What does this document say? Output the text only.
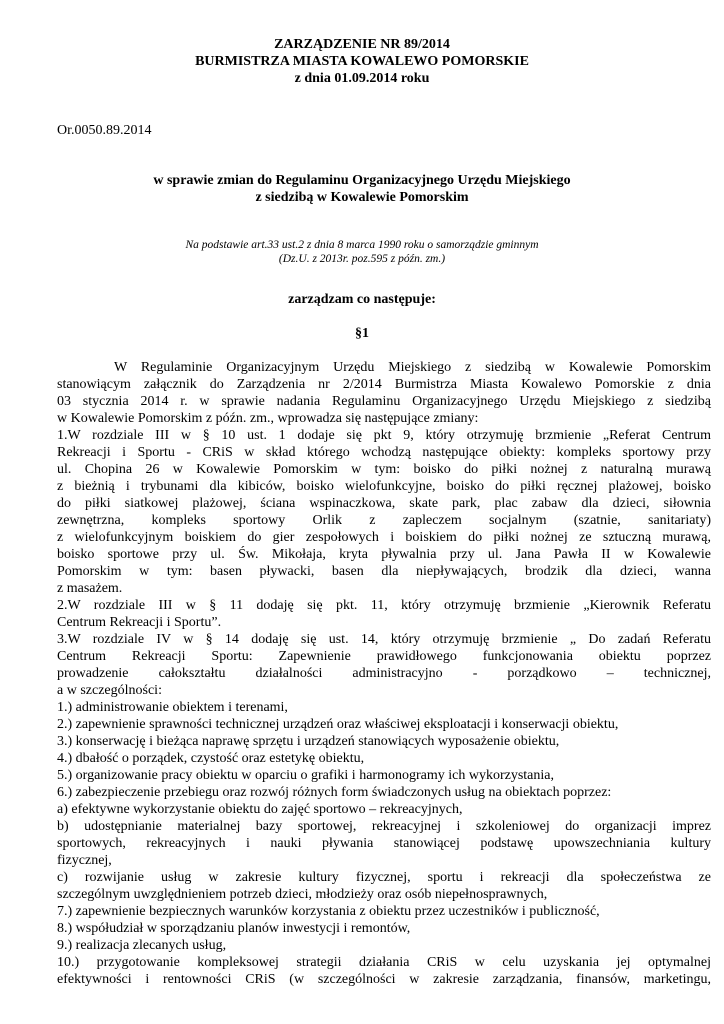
ZARZĄDZENIE NR 89/2014
BURMISTRZA MIASTA KOWALEWO POMORSKIE
z dnia 01.09.2014 roku
Or.0050.89.2014
w sprawie zmian do Regulaminu Organizacyjnego Urzędu Miejskiego
z siedzibą w Kowalewie Pomorskim
Na podstawie art.33 ust.2 z dnia 8 marca 1990 roku o samorządzie gminnym
(Dz.U. z 2013r. poz.595 z późn. zm.)
zarządzam co następuje:
§1
W Regulaminie Organizacyjnym Urzędu Miejskiego z siedzibą w Kowalewie Pomorskim
stanowiącym załącznik do Zarządzenia nr 2/2014 Burmistrza Miasta Kowalewo Pomorskie z dnia
03 stycznia 2014 r. w sprawie nadania Regulaminu Organizacyjnego Urzędu Miejskiego z siedzibą
w Kowalewie Pomorskim z późn. zm., wprowadza się następujące zmiany:
1.W rozdziale III w § 10 ust. 1 dodaje się pkt 9, który otrzymuję brzmienie „Referat Centrum
Rekreacji i Sportu - CRiS w skład którego wchodzą następujące obiekty: kompleks sportowy przy
ul. Chopina 26 w Kowalewie Pomorskim w tym: boisko do piłki nożnej z naturalną murawą
z bieżnią i trybunami dla kibiców, boisko wielofunkcyjne, boisko do piłki ręcznej plażowej, boisko
do piłki siatkowej plażowej, ściana wspinaczkowa, skate park, plac zabaw dla dzieci, siłownia
zewnętrzna, kompleks sportowy Orlik z zapleczem socjalnym (szatnie, sanitariaty)
z wielofunkcyjnym boiskiem do gier zespołowych i boiskiem do piłki nożnej ze sztuczną murawą,
boisko sportowe przy ul. Św. Mikołaja, kryta pływalnia przy ul. Jana Pawła II w Kowalewie
Pomorskim w tym: basen pływacki, basen dla niepływających, brodzik dla dzieci, wanna
z masażem.
2.W rozdziale III w § 11 dodaję się pkt. 11, który otrzymuję brzmienie „Kierownik Referatu
Centrum Rekreacji i Sportu”.
3.W rozdziale IV w § 14 dodaję się ust. 14, który otrzymuję brzmienie „ Do zadań Referatu
Centrum Rekreacji Sportu: Zapewnienie prawidłowego funkcjonowania obiektu poprzez
prowadzenie całokształtu działalności administracyjno - porządkowo – technicznej,
a w szczególności:
1.) administrowanie obiektem i terenami,
2.) zapewnienie sprawności technicznej urządzeń oraz właściwej eksploatacji i konserwacji obiektu,
3.) konserwację i bieżąca naprawę sprzętu i urządzeń stanowiących wyposażenie obiektu,
4.) dbałość o porządek, czystość oraz estetykę obiektu,
5.) organizowanie pracy obiektu w oparciu o grafiki i harmonogramy ich wykorzystania,
6.) zabezpieczenie przebiegu oraz rozwój różnych form świadczonych usług na obiektach poprzez:
a) efektywne wykorzystanie obiektu do zajęć sportowo – rekreacyjnych,
b) udostępnianie materialnej bazy sportowej, rekreacyjnej i szkoleniowej do organizacji imprez
sportowych, rekreacyjnych i nauki pływania stanowiącej podstawę upowszechniania kultury
fizycznej,
c) rozwijanie usług w zakresie kultury fizycznej, sportu i rekreacji dla społeczeństwa ze
szczególnym uwzględnieniem potrzeb dzieci, młodzieży oraz osób niepełnosprawnych,
7.) zapewnienie bezpiecznych warunków korzystania z obiektu przez uczestników i publiczność,
8.) współudział w sporządzaniu planów inwestycji i remontów,
9.) realizacja zlecanych usług,
10.) przygotowanie kompleksowej strategii działania CRiS w celu uzyskania jej optymalnej
efektywności i rentowności CRiS (w szczególności w zakresie zarządzania, finansów, marketingu,
